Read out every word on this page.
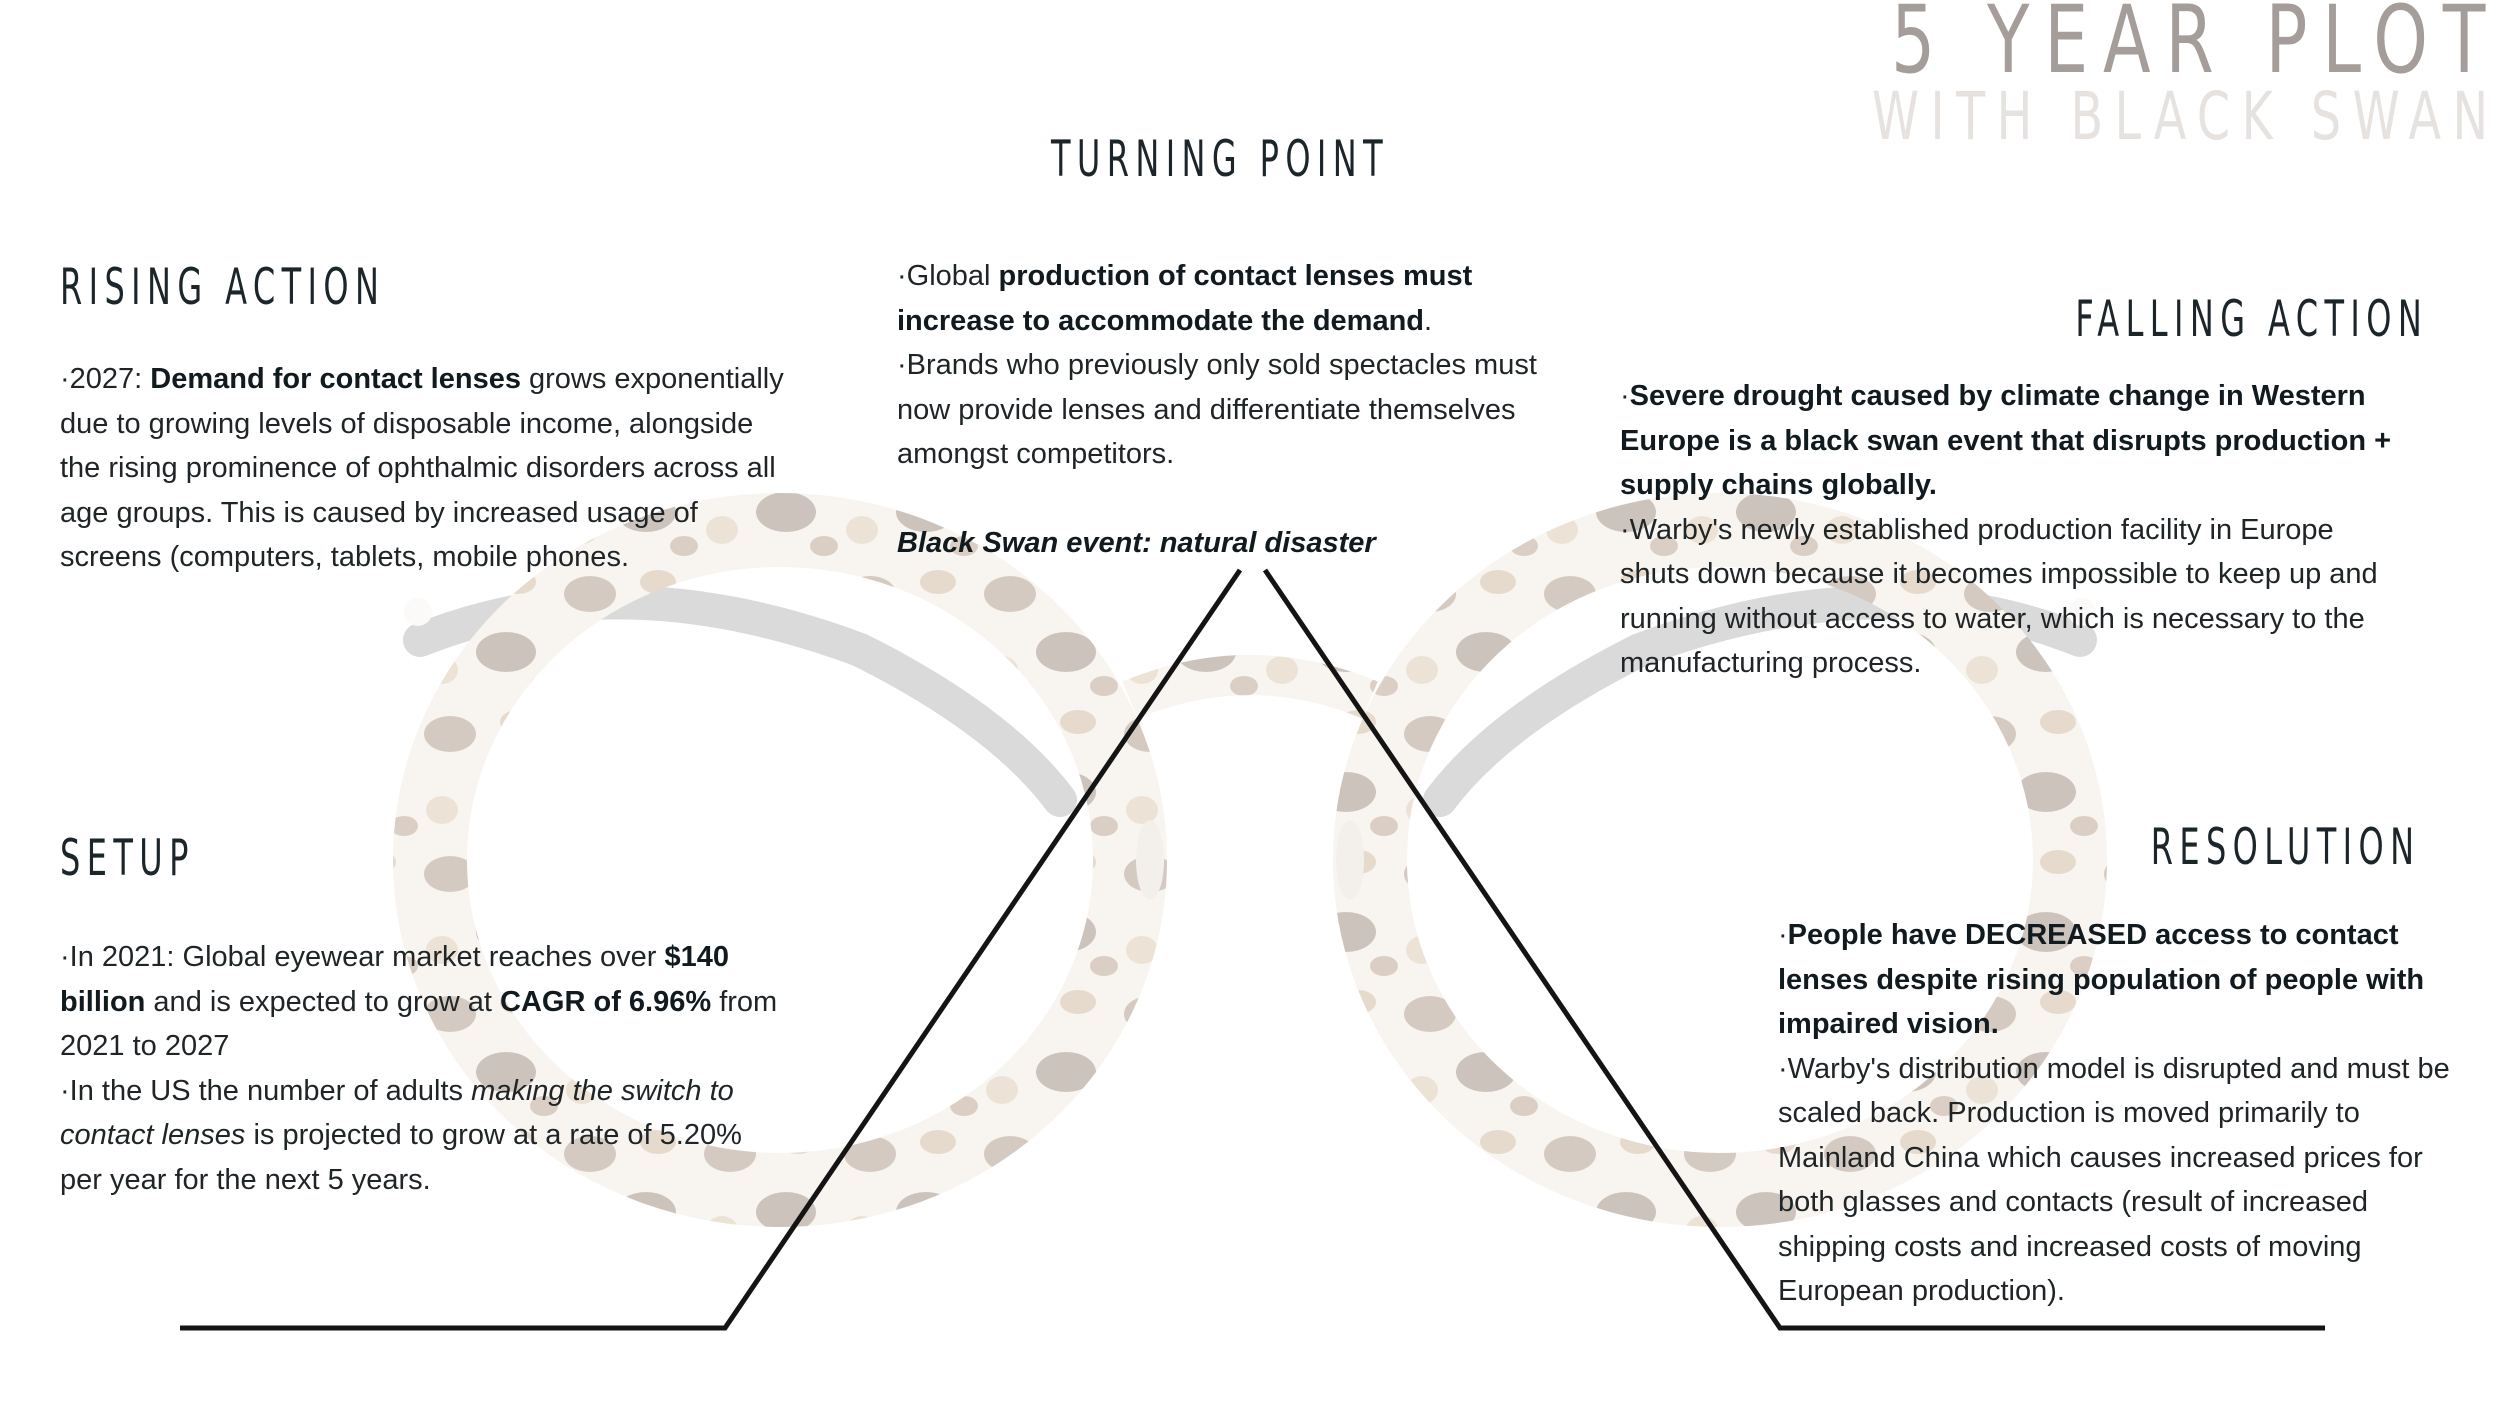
5 YEAR PLOT
WITH BLACK SWAN
TURNING POINT
RISING ACTION
FALLING ACTION
SETUP	RESOLUTION

·Global production of contact lenses must increase to accommodate the demand.

·Brands who previously only sold spectacles must now provide lenses and differentiate themselves amongst competitors.

Black Swan event: natural disaster

·2027: Demand for contact lenses grows exponentially due to growing levels of disposable income, alongside the rising prominence of ophthalmic disorders across all age groups. This is caused by increased usage of screens (computers, tablets, mobile phones.

·Severe drought caused by climate change in Western Europe is a black swan event that disrupts production + supply chains globally.

·Warby's newly established production facility in Europe shuts down because it becomes impossible to keep up and running without access to water, which is necessary to the manufacturing process.

·In 2021: Global eyewear market reaches over $140 billion and is expected to grow at CAGR of 6.96% from 2021 to 2027

·In the US the number of adults making the switch to contact lenses is projected to grow at a rate of 5.20% per year for the next 5 years.

·People have DECREASED access to contact lenses despite rising population of people with impaired vision.

·Warby's distribution model is disrupted and must be scaled back. Production is moved primarily to Mainland China which causes increased prices for both glasses and contacts (result of increased shipping costs and increased costs of moving European production).
